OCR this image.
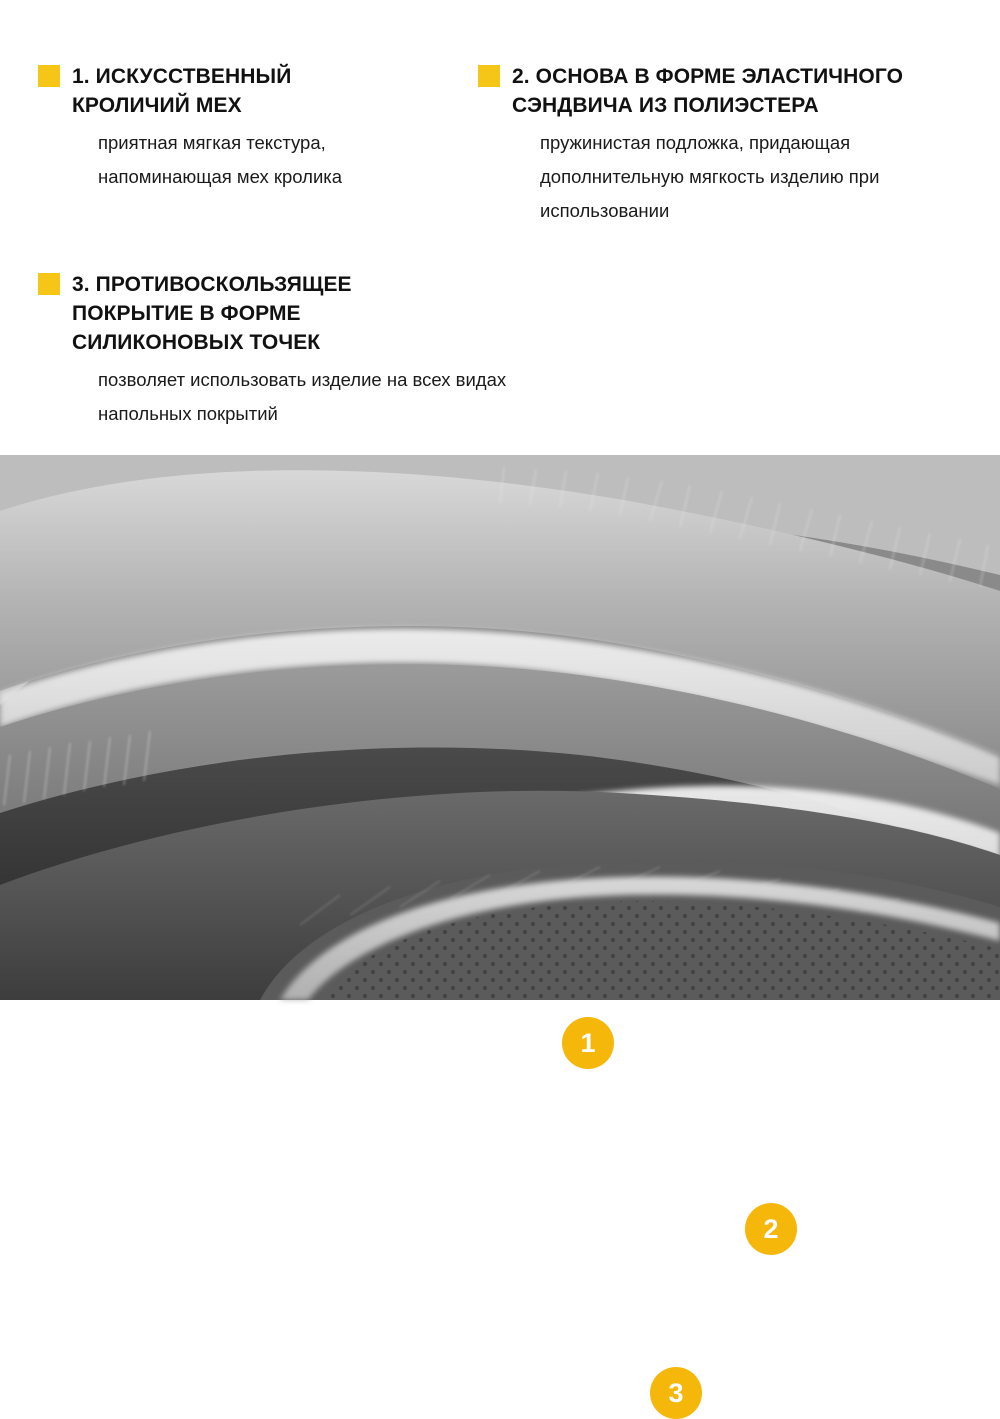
1. ИСКУССТВЕННЫЙ КРОЛИЧИЙ МЕХ
приятная мягкая текстура, напоминающая мех кролика
2. ОСНОВА В ФОРМЕ ЭЛАСТИЧНОГО СЭНДВИЧА ИЗ ПОЛИЭСТЕРА
пружинистая подложка, придающая дополнительную мягкость изделию при использовании
3. ПРОТИВОСКОЛЬЗЯЩЕЕ ПОКРЫТИЕ В ФОРМЕ СИЛИКОНОВЫХ ТОЧЕК
позволяет использовать изделие на всех видах напольных покрытий
1
2
3
